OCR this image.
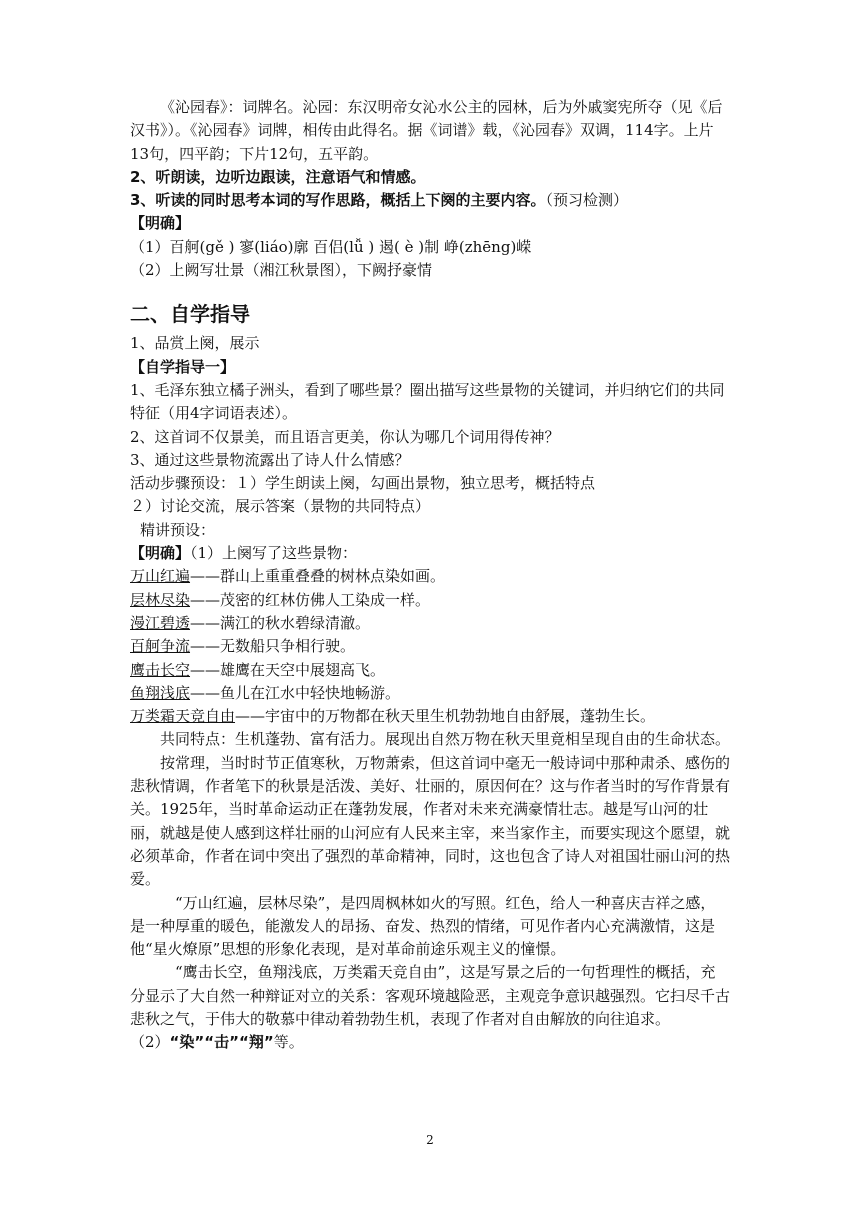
《沁园春》：词牌名。沁园：东汉明帝女沁水公主的园林，后为外戚窦宪所夺（见《后汉书》）。《沁园春》词牌，相传由此得名。据《词谱》载，《沁园春》双调，114字。上片13句，四平韵；下片12句，五平韵。

2、听朗读，边听边跟读，注意语气和情感。

3、听读的同时思考本词的写作思路，概括上下阕的主要内容。（预习检测）

【明确】

（1）百舸(gě ) 寥(liáo)廓 百侣(lǚ ) 遏( è )制 峥(zhēng)嵘

（2）上阙写壮景（湘江秋景图），下阙抒豪情

二、自学指导

1、品赏上阕，展示

【自学指导一】

1、毛泽东独立橘子洲头，看到了哪些景？圈出描写这些景物的关键词，并归纳它们的共同特征（用4字词语表述）。

2、这首词不仅景美，而且语言更美，你认为哪几个词用得传神？

3、通过这些景物流露出了诗人什么情感？

活动步骤预设：１）学生朗读上阕，勾画出景物，独立思考，概括特点

２）讨论交流，展示答案（景物的共同特点）

精讲预设：

【明确】（1）上阕写了这些景物：

万山红遍——群山上重重叠叠的树林点染如画。

层林尽染——茂密的红林仿佛人工染成一样。

漫江碧透——满江的秋水碧绿清澈。

百舸争流——无数船只争相行驶。

鹰击长空——雄鹰在天空中展翅高飞。

鱼翔浅底——鱼儿在江水中轻快地畅游。

万类霜天竞自由——宇宙中的万物都在秋天里生机勃勃地自由舒展，蓬勃生长。

共同特点：生机蓬勃、富有活力。展现出自然万物在秋天里竟相呈现自由的生命状态。

按常理，当时时节正值寒秋，万物萧索，但这首词中毫无一般诗词中那种肃杀、感伤的悲秋情调，作者笔下的秋景是活泼、美好、壮丽的，原因何在？这与作者当时的写作背景有关。1925年，当时革命运动正在蓬勃发展，作者对未来充满豪情壮志。越是写山河的壮丽，就越是使人感到这样壮丽的山河应有人民来主宰，来当家作主，而要实现这个愿望，就必须革命，作者在词中突出了强烈的革命精神，同时，这也包含了诗人对祖国壮丽山河的热爱。

“万山红遍，层林尽染”，是四周枫林如火的写照。红色，给人一种喜庆吉祥之感，是一种厚重的暖色，能激发人的昂扬、奋发、热烈的情绪，可见作者内心充满激情，这是他“星火燎原”思想的形象化表现，是对革命前途乐观主义的憧憬。

“鹰击长空，鱼翔浅底，万类霜天竞自由”，这是写景之后的一句哲理性的概括，充分显示了大自然一种辩证对立的关系：客观环境越险恶，主观竞争意识越强烈。它扫尽千古悲秋之气，于伟大的敬慕中律动着勃勃生机，表现了作者对自由解放的向往追求。

（2）“染”“击”“翔”等。

2
